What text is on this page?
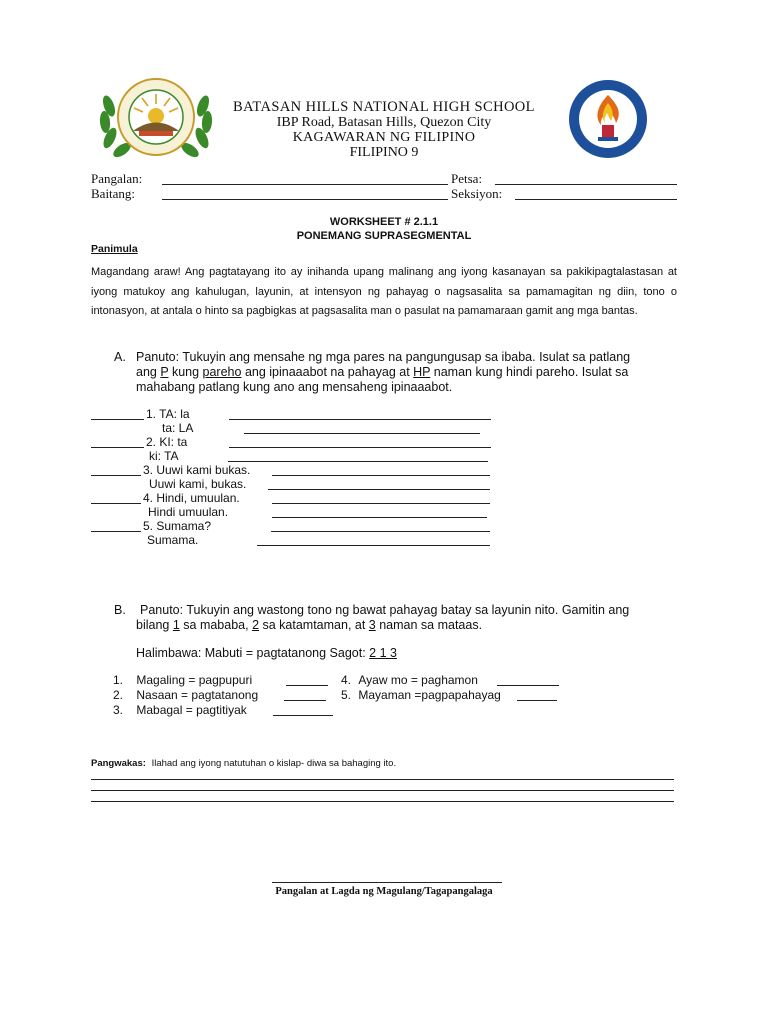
BATASAN HILLS NATIONAL HIGH SCHOOL
IBP Road, Batasan Hills, Quezon City
KAGAWARAN NG FILIPINO
FILIPINO 9
Pangalan:	Petsa:
Baitang:	Seksiyon:
WORKSHEET # 2.1.1
PONEMANG SUPRASEGMENTAL
Panimula
Magandang araw! Ang pagtatayang ito ay inihanda upang malinang ang iyong kasanayan sa pakikipagtalastasan at iyong matukoy ang kahulugan, layunin, at intensyon ng pahayag o nagsasalita sa pamamagitan ng diin, tono o intonasyon, at antala o hinto sa pagbigkas at pagsasalita man o pasulat na pamamaraan gamit ang mga bantas.
A. Panuto: Tukuyin ang mensahe ng mga pares na pangungusap sa ibaba. Isulat sa patlang
ang P kung pareho ang ipinaaabot na pahayag at HP naman kung hindi pareho. Isulat sa
mahabang patlang kung ano ang mensaheng ipinaaabot.
1. TA: la
ta: LA
2. KI: ta
ki: TA
3. Uuwi kami bukas.
Uuwi kami, bukas.
4. Hindi, umuulan.
Hindi umuulan.
5. Sumama?
Sumama.
B. Panuto: Tukuyin ang wastong tono ng bawat pahayag batay sa layunin nito. Gamitin ang
bilang 1 sa mababa, 2 sa katamtaman, at 3 naman sa mataas.
Halimbawa: Mabuti = pagtatanong Sagot: 2 1 3
1. Magaling = pagpupuri
2. Nasaan = pagtatanong
3. Mabagal = pagtitiyak
4. Ayaw mo = paghamon
5. Mayaman =pagpapahayag
Pangwakas: Ilahad ang iyong natutuhan o kislap- diwa sa bahaging ito.
Pangalan at Lagda ng Magulang/Tagapangalaga
